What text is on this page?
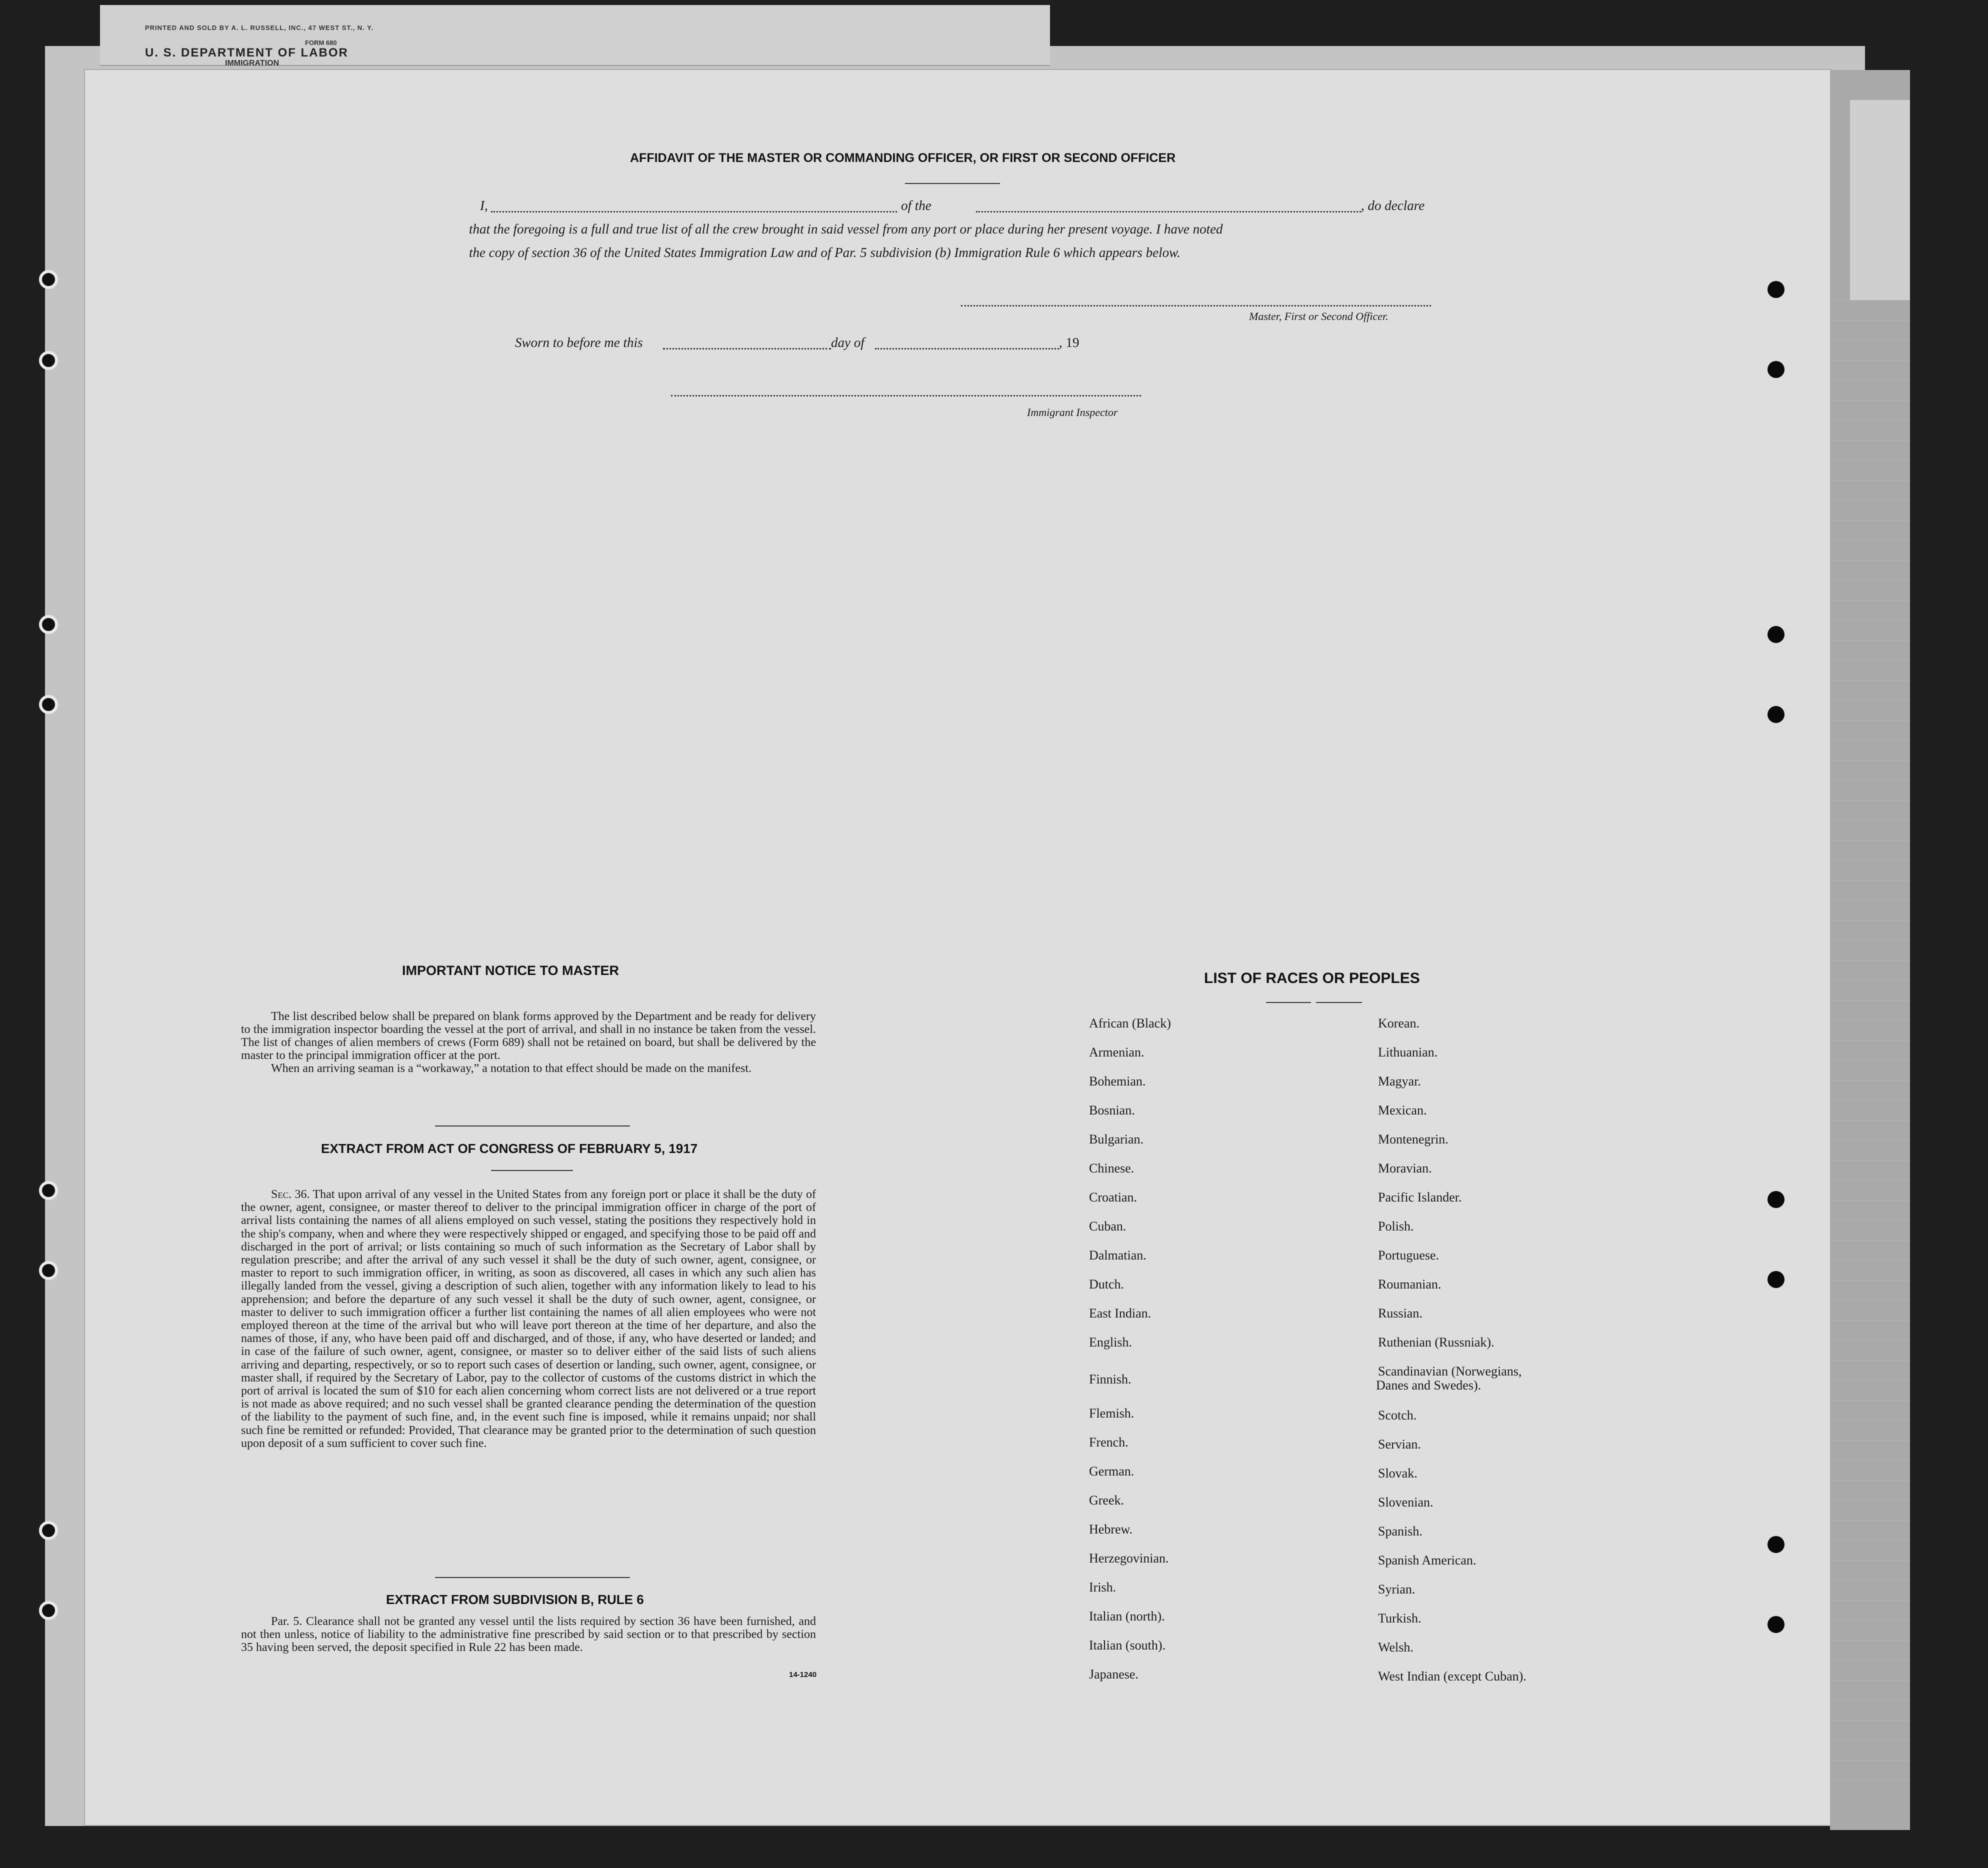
PRINTED AND SOLD BY A. L. RUSSELL, INC., 47 WEST ST., N. Y.
FORM 680
U. S. DEPARTMENT OF LABOR
IMMIGRATION
AFFIDAVIT OF THE MASTER OR COMMANDING OFFICER, OR FIRST OR SECOND OFFICER
I,	of the	, do declare
that the foregoing is a full and true list of all the crew brought in said vessel from any port or place during her present voyage. I have noted
the copy of section 36 of the United States Immigration Law and of Par. 5 subdivision (b) Immigration Rule 6 which appears below.
Master, First or Second Officer.
Sworn to before me this	day of	, 19
Immigrant Inspector
IMPORTANT NOTICE TO MASTER
The list described below shall be prepared on blank forms approved by the Department and be ready for delivery to the immigration inspector boarding the vessel at the port of arrival, and shall in no instance be taken from the vessel. The list of changes of alien members of crews (Form 689) shall not be retained on board, but shall be delivered by the master to the principal immigration officer at the port.
When an arriving seaman is a “workaway,” a notation to that effect should be made on the manifest.
EXTRACT FROM ACT OF CONGRESS OF FEBRUARY 5, 1917
Sec. 36. That upon arrival of any vessel in the United States from any foreign port or place it shall be the duty of the owner, agent, consignee, or master thereof to deliver to the principal immigration officer in charge of the port of arrival lists containing the names of all aliens employed on such vessel, stating the positions they respectively hold in the ship's company, when and where they were respectively shipped or engaged, and specifying those to be paid off and discharged in the port of arrival; or lists containing so much of such information as the Secretary of Labor shall by regulation prescribe; and after the arrival of any such vessel it shall be the duty of such owner, agent, consignee, or master to report to such immigration officer, in writing, as soon as discovered, all cases in which any such alien has illegally landed from the vessel, giving a description of such alien, together with any information likely to lead to his apprehension; and before the departure of any such vessel it shall be the duty of such owner, agent, consignee, or master to deliver to such immigration officer a further list containing the names of all alien employees who were not employed thereon at the time of the arrival but who will leave port thereon at the time of her departure, and also the names of those, if any, who have been paid off and discharged, and of those, if any, who have deserted or landed; and in case of the failure of such owner, agent, consignee, or master so to deliver either of the said lists of such aliens arriving and departing, respectively, or so to report such cases of desertion or landing, such owner, agent, consignee, or master shall, if required by the Secretary of Labor, pay to the collector of customs of the customs district in which the port of arrival is located the sum of $10 for each alien concerning whom correct lists are not delivered or a true report is not made as above required; and no such vessel shall be granted clearance pending the determination of the question of the liability to the payment of such fine, and, in the event such fine is imposed, while it remains unpaid; nor shall such fine be remitted or refunded: Provided, That clearance may be granted prior to the determination of such question upon deposit of a sum sufficient to cover such fine.
EXTRACT FROM SUBDIVISION B, RULE 6
Par. 5. Clearance shall not be granted any vessel until the lists required by section 36 have been furnished, and not then unless, notice of liability to the administrative fine prescribed by said section or to that prescribed by section 35 having been served, the deposit specified in Rule 22 has been made.
14-1240
LIST OF RACES OR PEOPLES
African (Black)
Armenian.
Bohemian.
Bosnian.
Bulgarian.
Chinese.
Croatian.
Cuban.
Dalmatian.
Dutch.
East Indian.
English.
Finnish.
Flemish.
French.
German.
Greek.
Hebrew.
Herzegovinian.
Irish.
Italian (north).
Italian (south).
Japanese.
Korean.
Lithuanian.
Magyar.
Mexican.
Montenegrin.
Moravian.
Pacific Islander.
Polish.
Portuguese.
Roumanian.
Russian.
Ruthenian (Russniak).
Scandinavian (Norwegians,
Danes and Swedes).
Scotch.
Servian.
Slovak.
Slovenian.
Spanish.
Spanish American.
Syrian.
Turkish.
Welsh.
West Indian (except Cuban).
